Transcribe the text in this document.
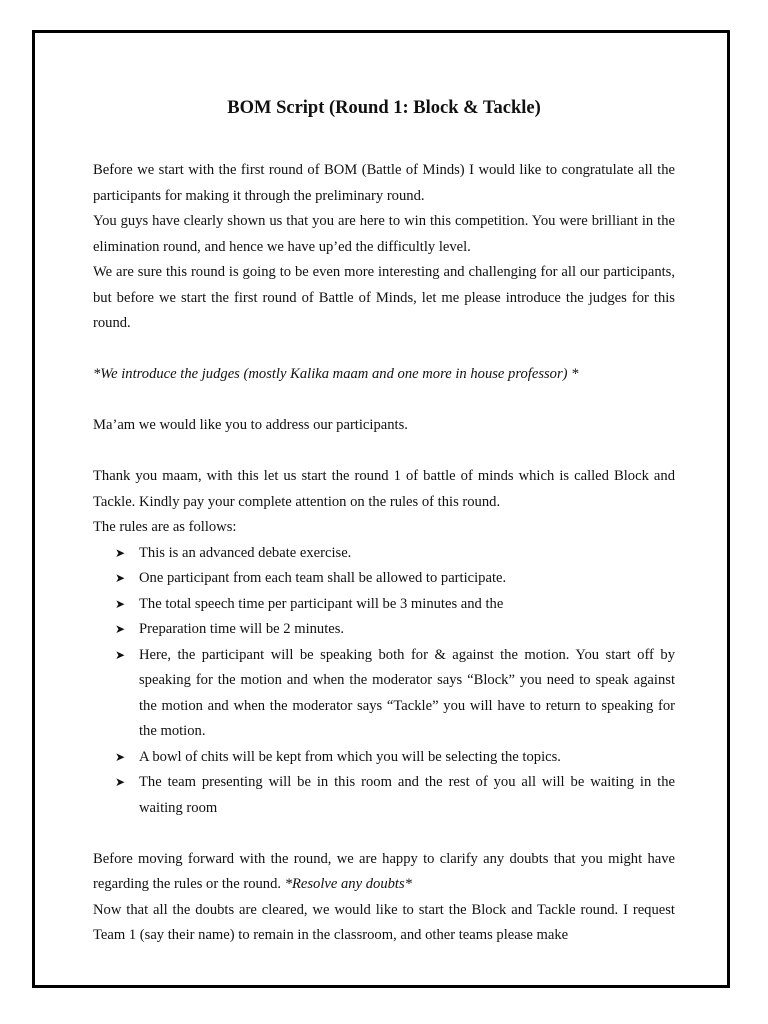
BOM Script (Round 1: Block & Tackle)

Before we start with the first round of BOM (Battle of Minds) I would like to congratulate all the participants for making it through the preliminary round.

You guys have clearly shown us that you are here to win this competition. You were brilliant in the elimination round, and hence we have up’ed the difficultly level.

We are sure this round is going to be even more interesting and challenging for all our participants, but before we start the first round of Battle of Minds, let me please introduce the judges for this round.

*We introduce the judges (mostly Kalika maam and one more in house professor) *

Ma’am we would like you to address our participants.

Thank you maam, with this let us start the round 1 of battle of minds which is called Block and Tackle. Kindly pay your complete attention on the rules of this round.

The rules are as follows:

➤ This is an advanced debate exercise.
➤ One participant from each team shall be allowed to participate.
➤ The total speech time per participant will be 3 minutes and the
➤ Preparation time will be 2 minutes.
➤ Here, the participant will be speaking both for & against the motion. You start off by speaking for the motion and when the moderator says “Block” you need to speak against the motion and when the moderator says “Tackle” you will have to return to speaking for the motion.
➤ A bowl of chits will be kept from which you will be selecting the topics.
➤ The team presenting will be in this room and the rest of you all will be waiting in the waiting room

Before moving forward with the round, we are happy to clarify any doubts that you might have regarding the rules or the round. *Resolve any doubts*

Now that all the doubts are cleared, we would like to start the Block and Tackle round. I request Team 1 (say their name) to remain in the classroom, and other teams please make
